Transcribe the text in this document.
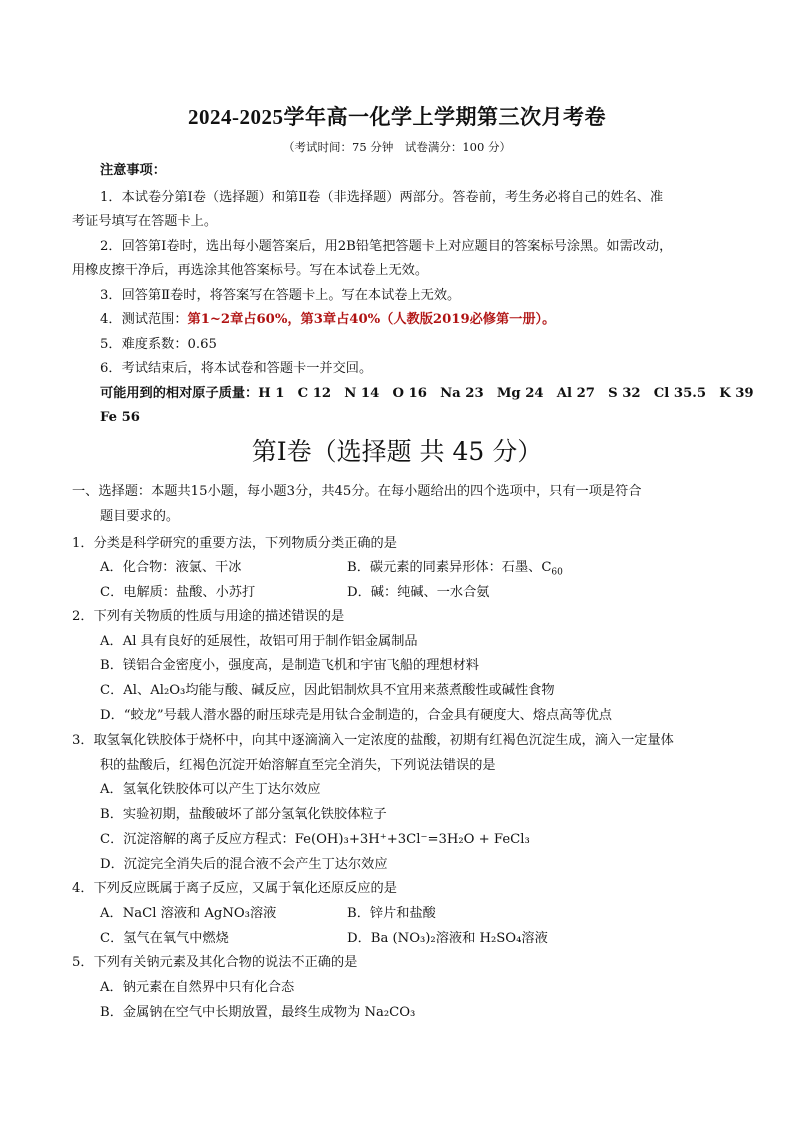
2024-2025学年高一化学上学期第三次月考卷
（考试时间：75 分钟　试卷满分：100 分）
注意事项：
1．本试卷分第Ⅰ卷（选择题）和第Ⅱ卷（非选择题）两部分。答卷前，考生务必将自己的姓名、准
考证号填写在答题卡上。
2．回答第Ⅰ卷时，选出每小题答案后，用2B铅笔把答题卡上对应题目的答案标号涂黑。如需改动，
用橡皮擦干净后，再选涂其他答案标号。写在本试卷上无效。
3．回答第Ⅱ卷时，将答案写在答题卡上。写在本试卷上无效。
4．测试范围：第1~2章占60%，第3章占40%（人教版2019必修第一册）。
5．难度系数：0.65
6．考试结束后，将本试卷和答题卡一并交回。
可能用到的相对原子质量：H 1　C 12　N 14　O 16　Na 23　Mg 24　Al 27　S 32　Cl 35.5　K 39
Fe 56
第Ⅰ卷（选择题 共 45 分）
一、选择题：本题共15小题，每小题3分，共45分。在每小题给出的四个选项中，只有一项是符合
题目要求的。
1．分类是科学研究的重要方法，下列物质分类正确的是
A．化合物：液氯、干冰	B．碳元素的同素异形体：石墨、$C_{60}$
C．电解质：盐酸、小苏打	D．碱：纯碱、一水合氨
2．下列有关物质的性质与用途的描述错误的是
A．Al 具有良好的延展性，故铝可用于制作铝金属制品
B．镁铝合金密度小，强度高，是制造飞机和宇宙飞船的理想材料
C．Al、Al₂O₃均能与酸、碱反应，因此铝制炊具不宜用来蒸煮酸性或碱性食物
D．“蛟龙”号载人潜水器的耐压球壳是用钛合金制造的，合金具有硬度大、熔点高等优点
3．取氢氧化铁胶体于烧杯中，向其中逐滴滴入一定浓度的盐酸，初期有红褐色沉淀生成，滴入一定量体
积的盐酸后，红褐色沉淀开始溶解直至完全消失，下列说法错误的是
A．氢氧化铁胶体可以产生丁达尔效应
B．实验初期，盐酸破坏了部分氢氧化铁胶体粒子
C．沉淀溶解的离子反应方程式：Fe(OH)₃+3H⁺+3Cl⁻=3H₂O + FeCl₃
D．沉淀完全消失后的混合液不会产生丁达尔效应
4．下列反应既属于离子反应，又属于氧化还原反应的是
A．NaCl 溶液和 AgNO₃溶液	B．锌片和盐酸
C．氢气在氧气中燃烧	D．Ba (NO₃)₂溶液和 H₂SO₄溶液
5．下列有关钠元素及其化合物的说法不正确的是
A．钠元素在自然界中只有化合态
B．金属钠在空气中长期放置，最终生成物为 Na₂CO₃
